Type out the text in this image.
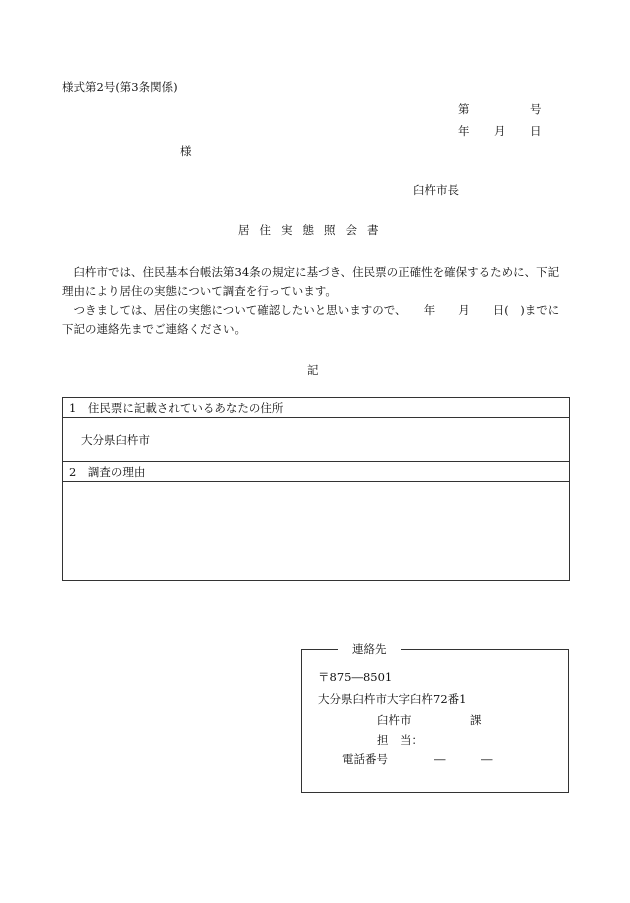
様式第2号(第3条関係)
第	号
年 月 日
様
臼杵市長
居住実態照会書

臼杵市では、住民基本台帳法第34条の規定に基づき、住民票の正確性を確保するために、下記理由により居住の実態について調査を行っています。

つきましては、居住の実態について確認したいと思いますので、　　年　　月　　日(　)までに下記の連絡先までご連絡ください。

記
1　住民票に記載されているあなたの住所
大分県臼杵市
2　調査の理由

連絡先
〒875―8501
大分県臼杵市大字臼杵72番1
臼杵市	課
担　当：
電話番号	―	―
